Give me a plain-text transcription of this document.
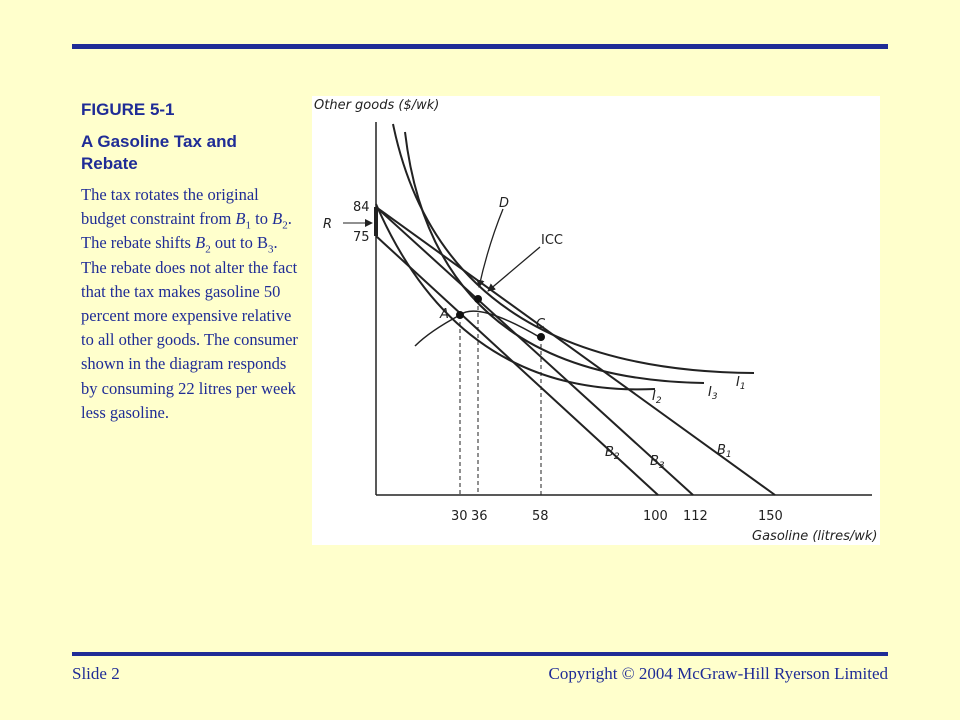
FIGURE 5-1
A Gasoline Tax and Rebate

The tax rotates the original budget constraint from $B_1$ to $B_2$. The rebate shifts $B_2$ out to $B_3$. The rebate does not alter the fact that the tax makes gasoline 50 percent more expensive relative to all other goods. The consumer shown in the diagram responds by consuming 22 litres per week less gasoline.

Other goods ($/wk)
R
84
75
D
ICC
A
C
$I_1$
$I_2$
$I_3$
$B_1$
$B_2$ $B_3$
30 36	58	100 112	150
Gasoline (litres/wk)
Slide 2	Copyright © 2004 McGraw-Hill Ryerson Limited
